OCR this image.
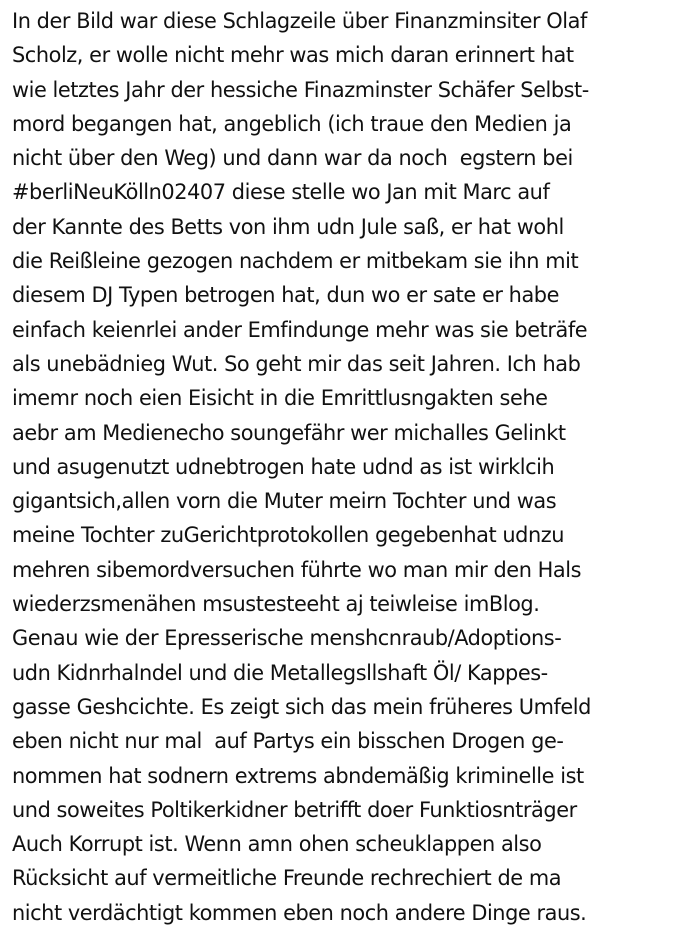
In der Bild war diese Schlagzeile über Finanzminsiter Olaf
Scholz, er wolle nicht mehr was mich daran erinnert hat
wie letztes Jahr der hessiche Finazminster Schäfer Selbst-
mord begangen hat, angeblich (ich traue den Medien ja
nicht über den Weg) und dann war da noch  egstern bei
#berliNeuKölln02407 diese stelle wo Jan mit Marc auf
der Kannte des Betts von ihm udn Jule saß, er hat wohl
die Reißleine gezogen nachdem er mitbekam sie ihn mit
diesem DJ Typen betrogen hat, dun wo er sate er habe
einfach keienrlei ander Emfindunge mehr was sie beträfe
als unebädnieg Wut. So geht mir das seit Jahren. Ich hab
imemr noch eien Eisicht in die Emrittlusngakten sehe
aebr am Medienecho soungefähr wer michalles Gelinkt
und asugenutzt udnebtrogen hate udnd as ist wirklcih
gigantsich,allen vorn die Muter meirn Tochter und was
meine Tochter zuGerichtprotokollen gegebenhat udnzu
mehren sibemordversuchen führte wo man mir den Hals
wiederzsmenähen msustesteeht aj teiwleise imBlog.
Genau wie der Epresserische menshcnraub/Adoptions-
udn Kidnrhalndel und die Metallegsllshaft Öl/ Kappes-
gasse Geshcichte. Es zeigt sich das mein früheres Umfeld
eben nicht nur mal  auf Partys ein bisschen Drogen ge-
nommen hat sodnern extrems abndemäßig kriminelle ist
und soweites Poltikerkidner betrifft doer Funktiosnträger
Auch Korrupt ist. Wenn amn ohen scheuklappen also
Rücksicht auf vermeitliche Freunde rechrechiert de ma
nicht verdächtigt kommen eben noch andere Dinge raus.
